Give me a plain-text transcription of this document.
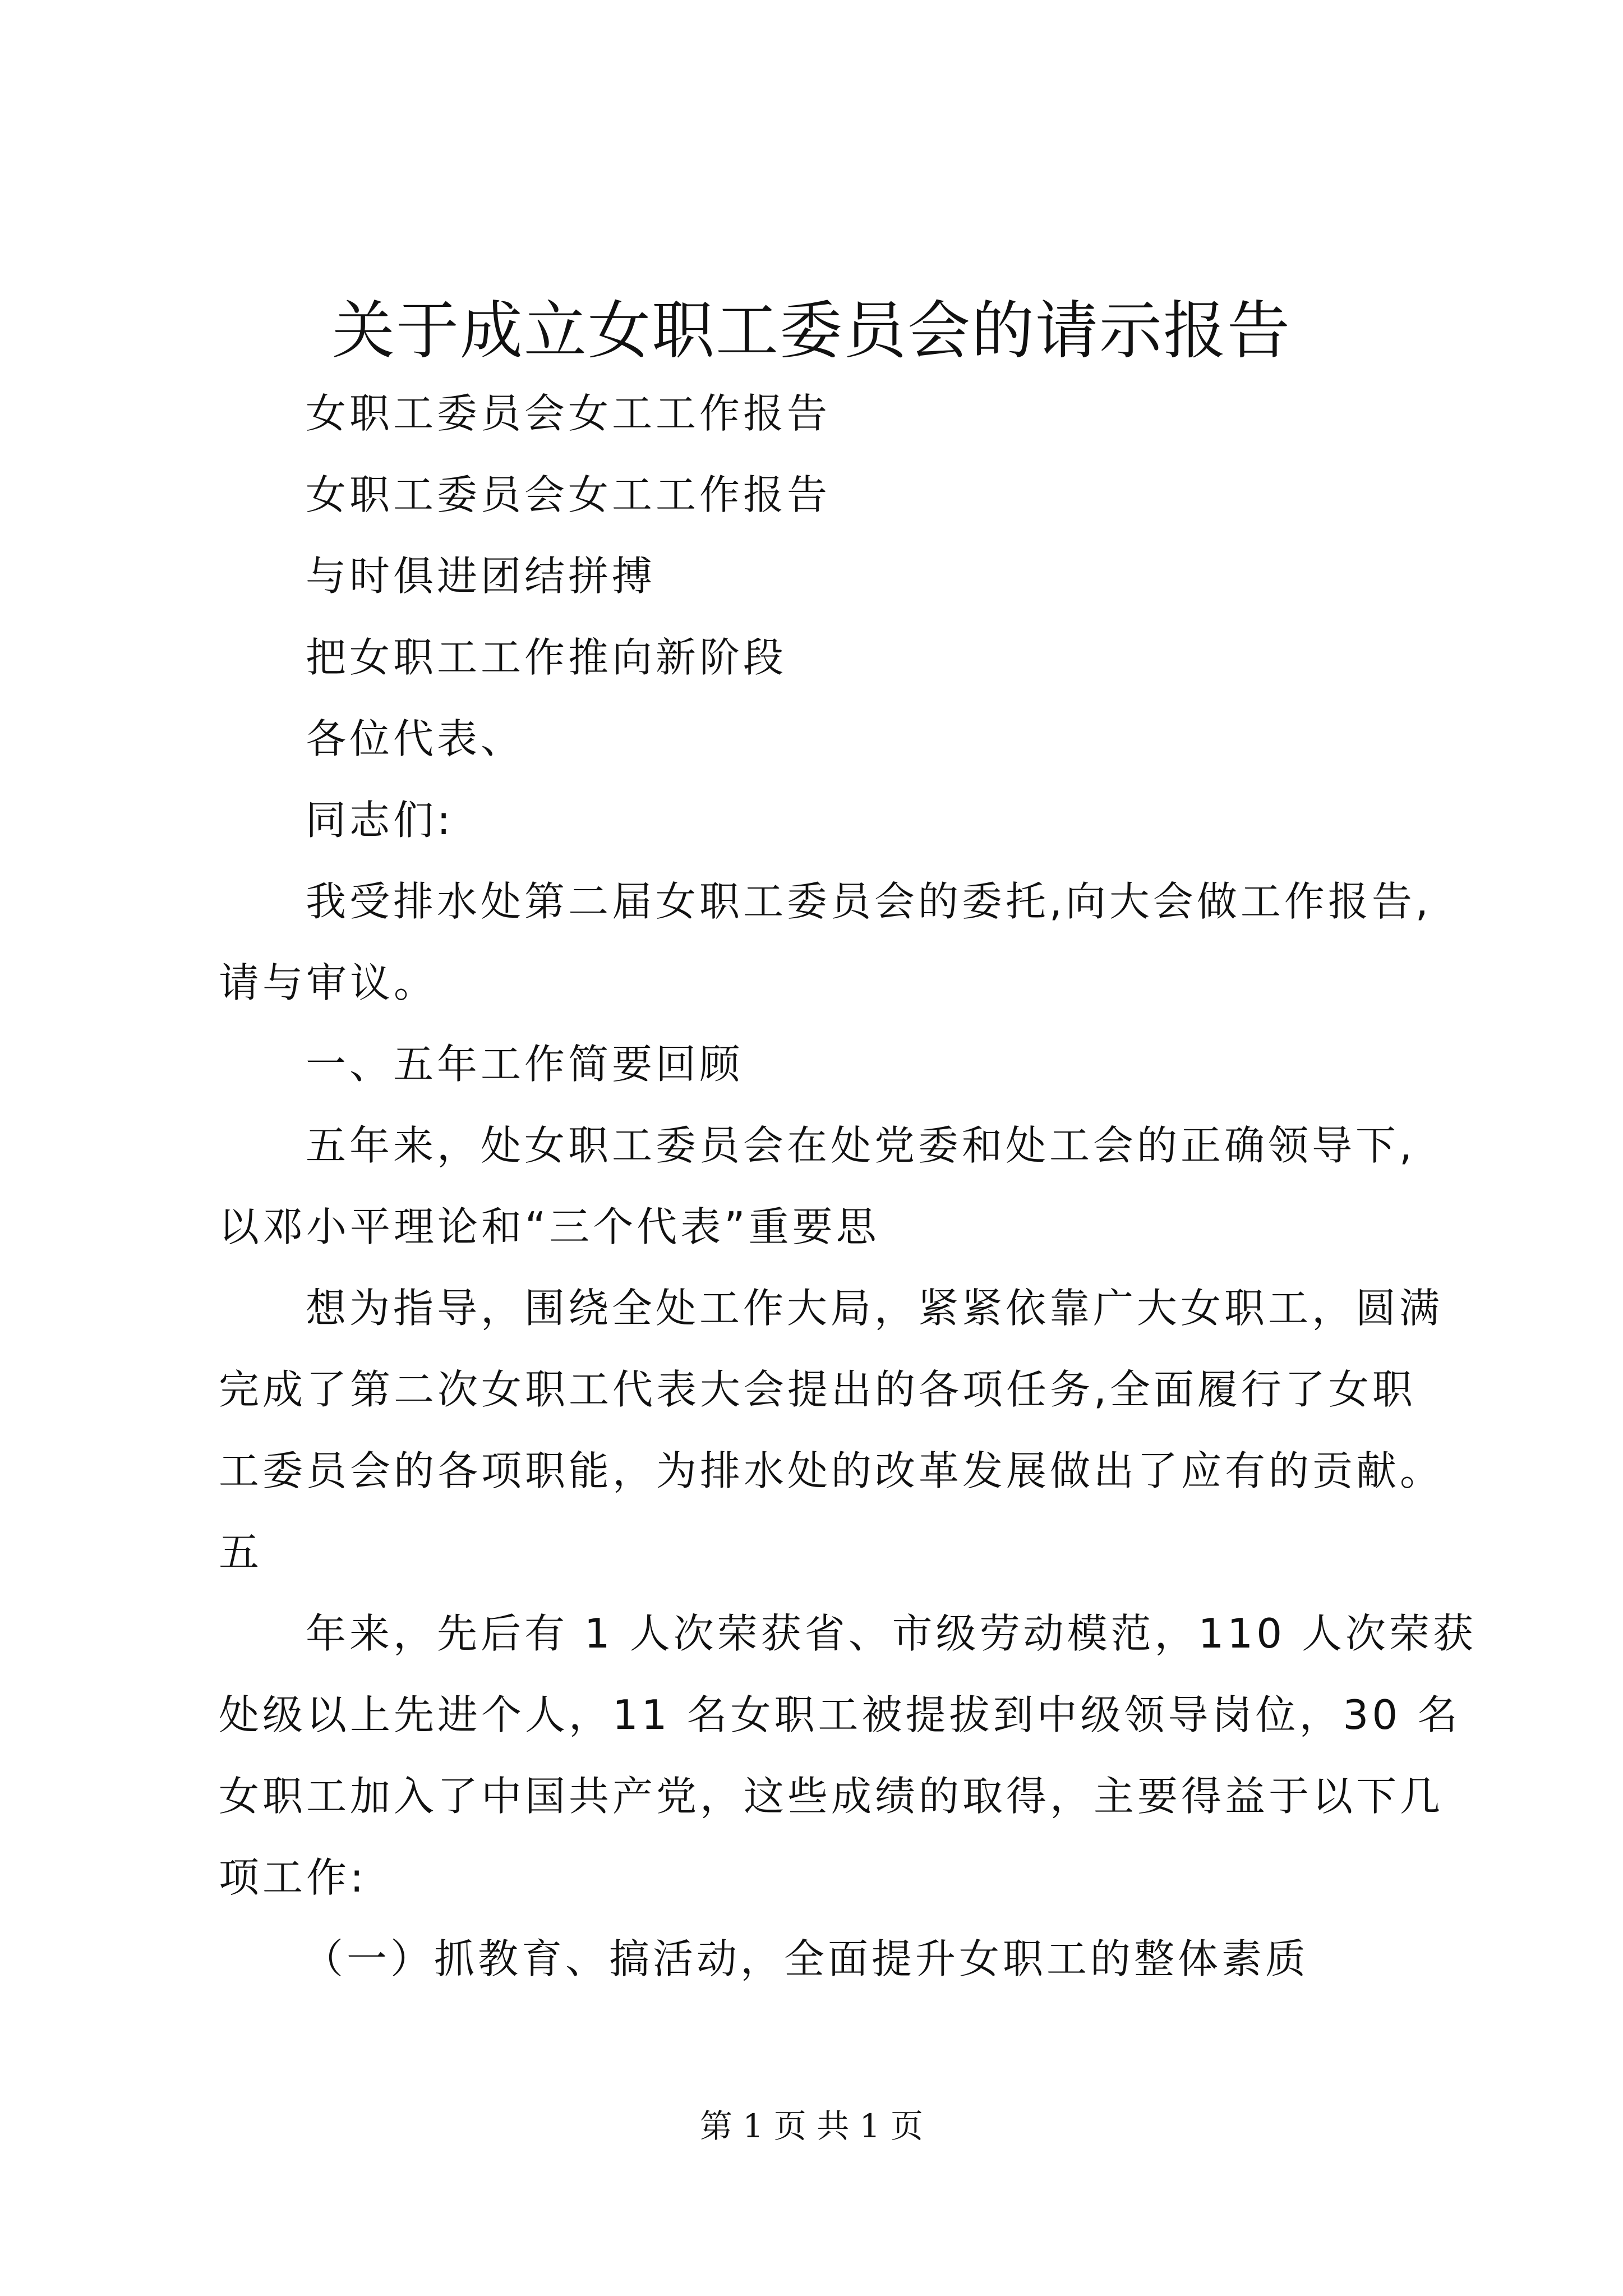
关于成立女职工委员会的请示报告
女职工委员会女工工作报告
女职工委员会女工工作报告
与时俱进团结拼搏
把女职工工作推向新阶段
各位代表、
同志们:
我受排水处第二届女职工委员会的委托,向大会做工作报告,
请与审议。
一、五年工作简要回顾
五年来，处女职工委员会在处党委和处工会的正确领导下,
以邓小平理论和“三个代表”重要思
想为指导，围绕全处工作大局，紧紧依靠广大女职工，圆满
完成了第二次女职工代表大会提出的各项任务,全面履行了女职
工委员会的各项职能，为排水处的改革发展做出了应有的贡献。
五
年来，先后有 1 人次荣获省、市级劳动模范，110 人次荣获
处级以上先进个人，11 名女职工被提拔到中级领导岗位，30 名
女职工加入了中国共产党，这些成绩的取得，主要得益于以下几
项工作:
（一）抓教育、搞活动，全面提升女职工的整体素质
第 1 页 共 1 页
